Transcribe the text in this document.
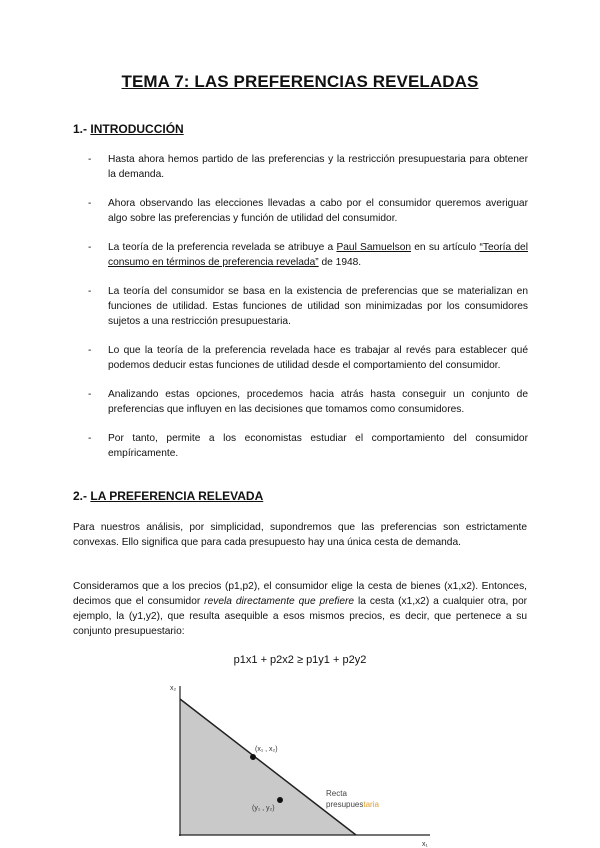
TEMA 7: LAS PREFERENCIAS REVELADAS
1.- INTRODUCCIÓN
- Hasta ahora hemos partido de las preferencias y la restricción presupuestaria para obtener la demanda.
- Ahora observando las elecciones llevadas a cabo por el consumidor queremos averiguar algo sobre las preferencias y función de utilidad del consumidor.
- La teoría de la preferencia revelada se atribuye a Paul Samuelson en su artículo “Teoría del consumo en términos de preferencia revelada” de 1948.
- La teoría del consumidor se basa en la existencia de preferencias que se materializan en funciones de utilidad. Estas funciones de utilidad son minimizadas por los consumidores sujetos a una restricción presupuestaria.
- Lo que la teoría de la preferencia revelada hace es trabajar al revés para establecer qué podemos deducir estas funciones de utilidad desde el comportamiento del consumidor.
- Analizando estas opciones, procedemos hacia atrás hasta conseguir un conjunto de preferencias que influyen en las decisiones que tomamos como consumidores.
- Por tanto, permite a los economistas estudiar el comportamiento del consumidor empíricamente.
2.- LA PREFERENCIA RELEVADA

Para nuestros análisis, por simplicidad, supondremos que las preferencias son estrictamente convexas. Ello significa que para cada presupuesto hay una única cesta de demanda.

Consideramos que a los precios (p1,p2), el consumidor elige la cesta de bienes (x1,x2). Entonces, decimos que el consumidor revela directamente que prefiere la cesta (x1,x2) a cualquier otra, por ejemplo, la (y1,y2), que resulta asequible a esos mismos precios, es decir, que pertenece a su conjunto presupuestario:

p1x1 + p2x2 ≥ p1y1 + p2y2
x₂
x₁
(x₁ , x₂)
(y₁ , y₂)
Recta
presupuestaria
